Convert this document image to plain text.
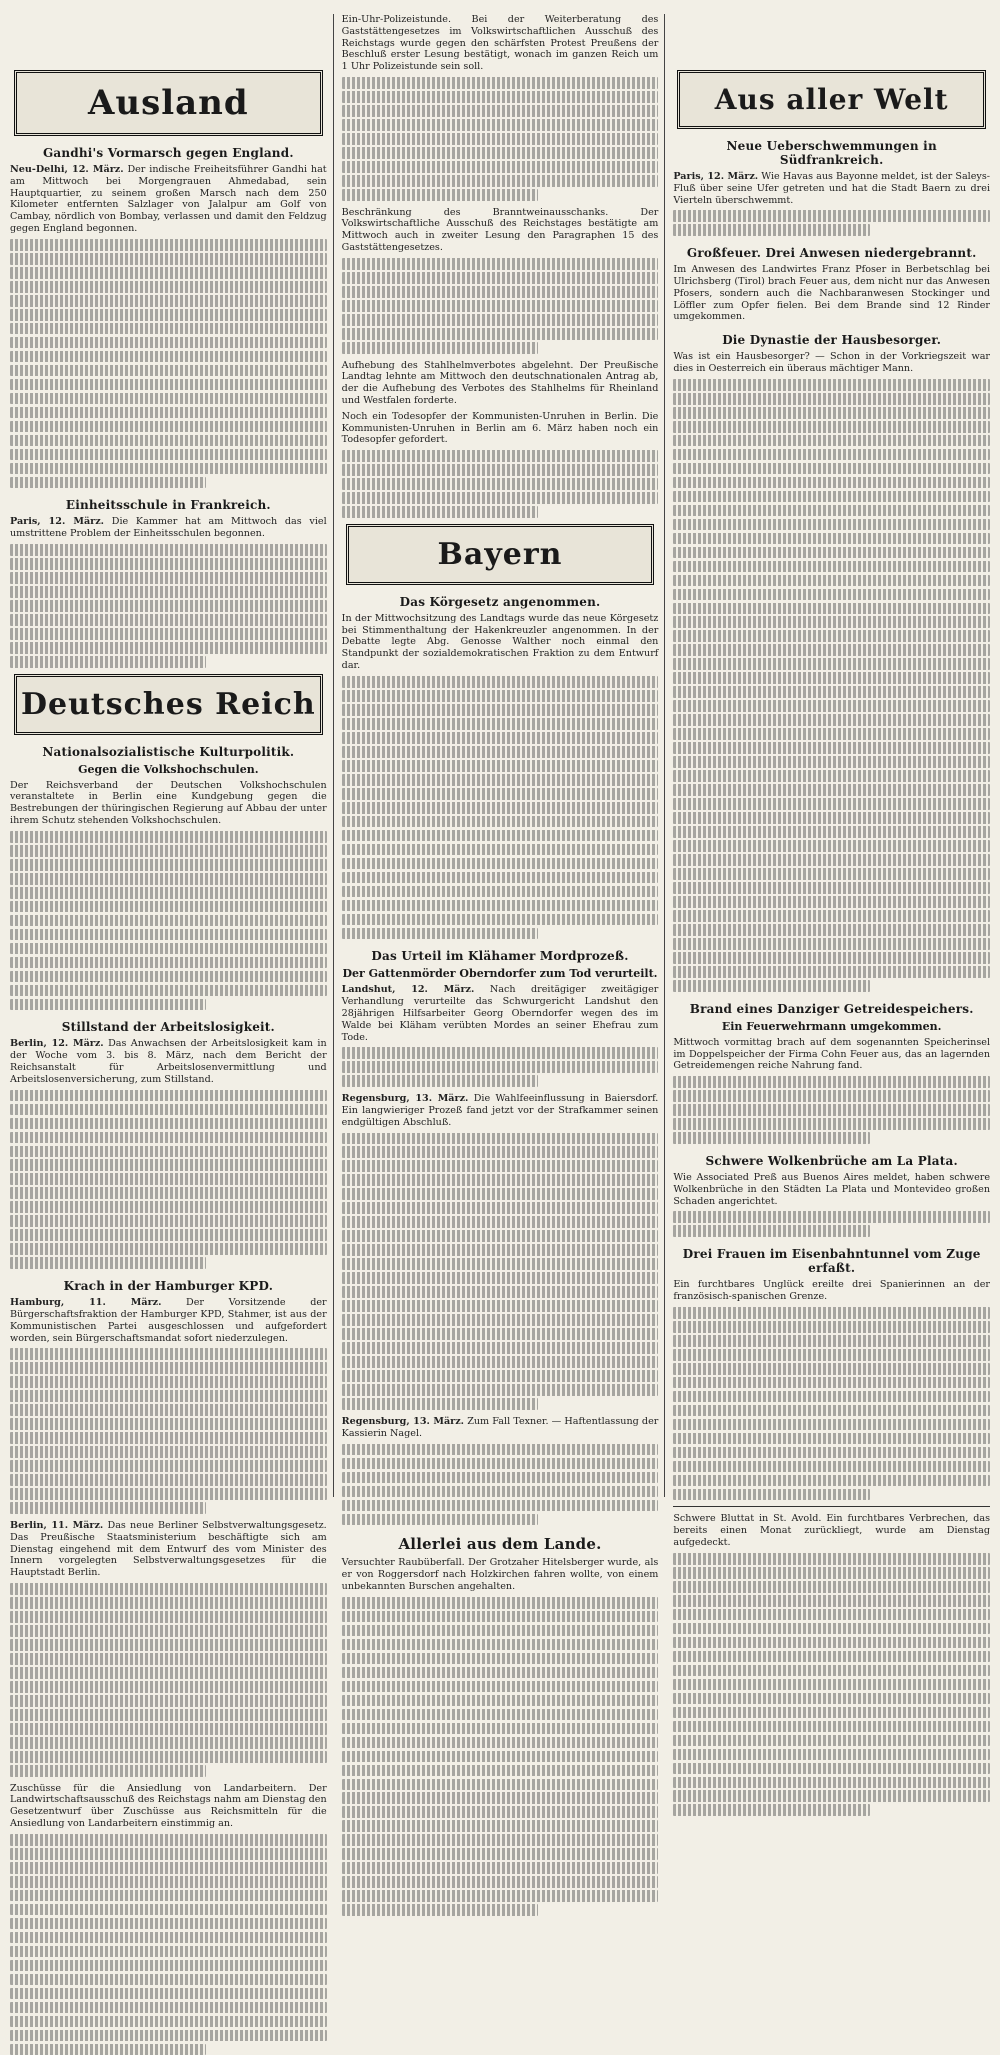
Ausland
Gandhi's Vormarsch gegen England.

Neu-Delhi, 12. März. Der indische Freiheitsführer Gandhi hat am Mittwoch bei Morgengrauen Ahmedabad, sein Hauptquartier, zu seinem großen Marsch nach dem 250 Kilometer entfernten Salzlager von Jalalpur am Golf von Cambay, nördlich von Bombay, verlassen und damit den Feldzug gegen England begonnen.

Einheitsschule in Frankreich.

Paris, 12. März. Die Kammer hat am Mittwoch das viel umstrittene Problem der Einheitsschulen begonnen.

Deutsches Reich
Nationalsozialistische Kulturpolitik.
Gegen die Volkshochschulen.

Der Reichsverband der Deutschen Volkshochschulen veranstaltete in Berlin eine Kundgebung gegen die Bestrebungen der thüringischen Regierung auf Abbau der unter ihrem Schutz stehenden Volkshochschulen.

Stillstand der Arbeitslosigkeit.

Berlin, 12. März. Das Anwachsen der Arbeitslosigkeit kam in der Woche vom 3. bis 8. März, nach dem Bericht der Reichsanstalt für Arbeitslosenvermittlung und Arbeitslosenversicherung, zum Stillstand.

Krach in der Hamburger KPD.

Hamburg, 11. März.	Der Vorsitzende der Bürgerschaftsfraktion der Hamburger KPD, Stahmer, ist aus der Kommunistischen Partei ausgeschlossen und aufgefordert worden, sein Bürgerschaftsmandat sofort niederzulegen.

Berlin, 11. März. Das neue Berliner Selbstverwaltungsgesetz. Das Preußische Staatsministerium beschäftigte sich am Dienstag eingehend mit dem Entwurf des vom Minister des Innern vorgelegten Selbstverwaltungsgesetzes für die Hauptstadt Berlin.

Zuschüsse für die Ansiedlung von Landarbeitern. Der Landwirtschaftsausschuß des Reichstags nahm am Dienstag den Gesetzentwurf über Zuschüsse aus Reichsmitteln für die Ansiedlung von Landarbeitern einstimmig an.

Ein-Uhr-Polizeistunde. Bei der Weiterberatung des Gaststättengesetzes im Volkswirtschaftlichen Ausschuß des Reichstags wurde gegen den schärfsten Protest Preußens der Beschluß erster Lesung bestätigt, wonach im ganzen Reich um 1 Uhr Polizeistunde sein soll.

Beschränkung des Branntweinausschanks. Der Volkswirtschaftliche Ausschuß des Reichstages bestätigte am Mittwoch auch in zweiter Lesung den Paragraphen 15 des Gaststättengesetzes.

Aufhebung des Stahlhelmverbotes abgelehnt. Der Preußische Landtag lehnte am Mittwoch den deutschnationalen Antrag ab, der die Aufhebung des Verbotes des Stahlhelms für Rheinland und Westfalen forderte.

Noch ein Todesopfer der Kommunisten-Unruhen in Berlin. Die Kommunisten-Unruhen in Berlin am 6. März haben noch ein Todesopfer gefordert.

Bayern
Das Körgesetz angenommen.

In der Mittwochsitzung des Landtags wurde das neue Körgesetz bei Stimmenthaltung der Hakenkreuzler angenommen. In der Debatte legte Abg. Genosse Walther noch einmal den Standpunkt der sozialdemokratischen Fraktion zu dem Entwurf dar.

Das Urteil im Klähamer Mordprozeß.
Der Gattenmörder Oberndorfer zum Tod verurteilt.

Landshut, 12. März. Nach dreitägiger zweitägiger Verhandlung verurteilte das Schwurgericht Landshut den 28jährigen Hilfsarbeiter Georg Oberndorfer wegen des im Walde bei Kläham verübten Mordes an seiner Ehefrau zum Tode.

Regensburg, 13. März. Die Wahlfeeinflussung in Baiersdorf. Ein langwieriger Prozeß fand jetzt vor der Strafkammer seinen endgültigen Abschluß.

Regensburg, 13. März. Zum Fall Texner. — Haftentlassung der Kassierin Nagel.

Allerlei aus dem Lande.

Versuchter Raubüberfall. Der Grotzaher Hitelsberger wurde, als er von Roggersdorf nach Holzkirchen fahren wollte, von einem unbekannten Burschen angehalten.

Aus aller Welt
Neue Ueberschwemmungen in Südfrankreich.

Paris, 12. März. Wie Havas aus Bayonne meldet, ist der Saleys-Fluß über seine Ufer getreten und hat die Stadt Baern zu drei Vierteln überschwemmt.

Großfeuer. Drei Anwesen niedergebrannt.

Im Anwesen des Landwirtes Franz Pfoser in Berbetschlag bei Ulrichsberg (Tirol) brach Feuer aus, dem nicht nur das Anwesen Pfosers, sondern auch die Nachbaranwesen Stockinger und Löffler zum Opfer fielen. Bei dem Brande sind 12 Rinder umgekommen.

Die Dynastie der Hausbesorger.

Was ist ein Hausbesorger? — Schon in der Vorkriegszeit war dies in Oesterreich ein überaus mächtiger Mann.

Brand eines Danziger Getreidespeichers.
Ein Feuerwehrmann umgekommen.

Mittwoch vormittag brach auf dem sogenannten Speicherinsel im Doppelspeicher der Firma Cohn Feuer aus, das an lagernden Getreidemengen reiche Nahrung fand.

Schwere Wolkenbrüche am La Plata.

Wie Associated Preß aus Buenos Aires meldet, haben schwere Wolkenbrüche in den Städten La Plata und Montevideo großen Schaden angerichtet.

Drei Frauen im Eisenbahntunnel vom Zuge erfaßt.

Ein furchtbares Unglück ereilte drei Spanierinnen an der französisch-spanischen Grenze.

Schwere Bluttat in St. Avold. Ein furchtbares Verbrechen, das bereits einen Monat zurückliegt, wurde am Dienstag aufgedeckt.
